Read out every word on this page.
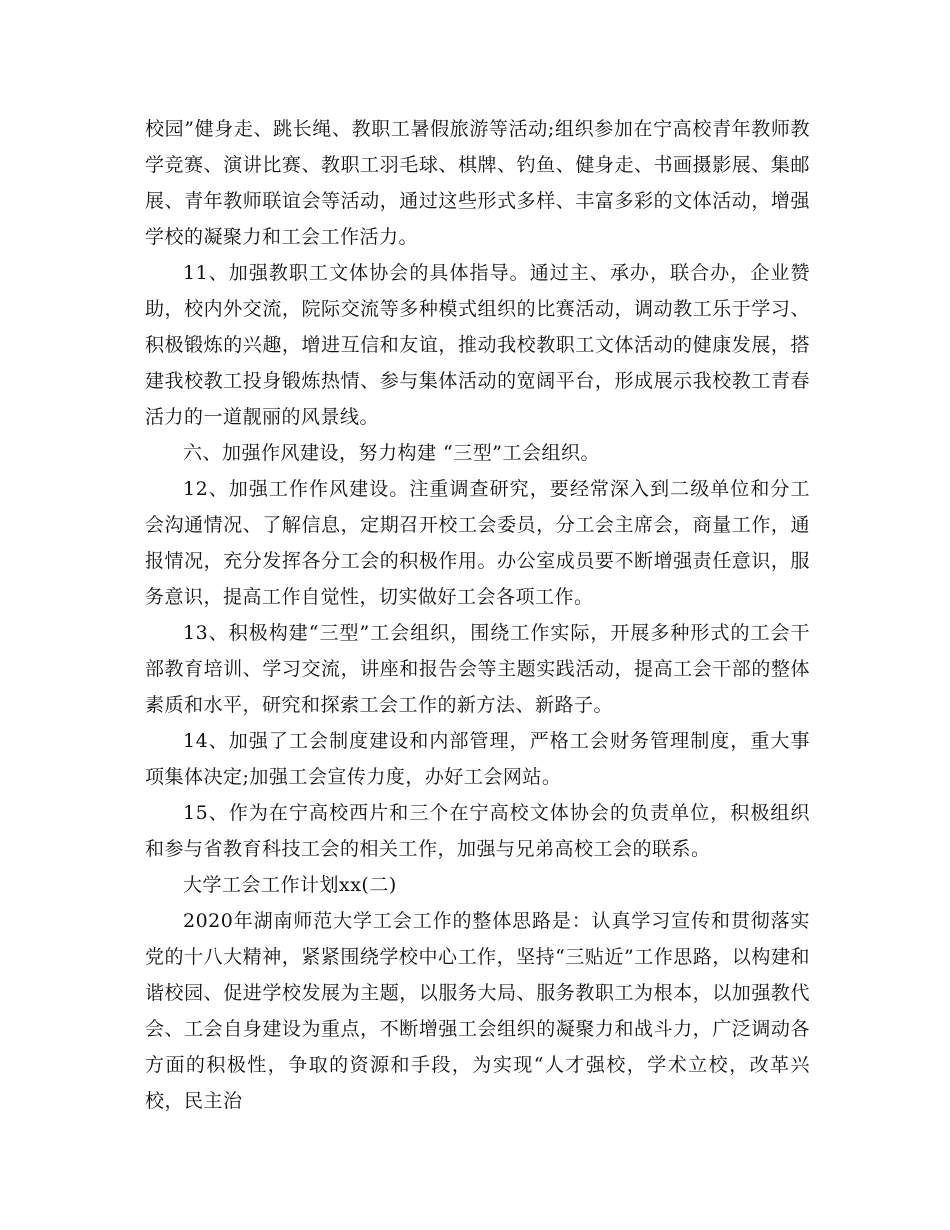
校园”健身走、跳长绳、教职工暑假旅游等活动;组织参加在宁高校青年教师教学竞赛、演讲比赛、教职工羽毛球、棋牌、钓鱼、健身走、书画摄影展、集邮展、青年教师联谊会等活动，通过这些形式多样、丰富多彩的文体活动，增强学校的凝聚力和工会工作活力。

11、加强教职工文体协会的具体指导。通过主、承办，联合办，企业赞助，校内外交流，院际交流等多种模式组织的比赛活动，调动教工乐于学习、积极锻炼的兴趣，增进互信和友谊，推动我校教职工文体活动的健康发展，搭建我校教工投身锻炼热情、参与集体活动的宽阔平台，形成展示我校教工青春活力的一道靓丽的风景线。

六、加强作风建设，努力构建 “三型”工会组织。

12、加强工作作风建设。注重调查研究，要经常深入到二级单位和分工会沟通情况、了解信息，定期召开校工会委员，分工会主席会，商量工作，通报情况，充分发挥各分工会的积极作用。办公室成员要不断增强责任意识，服务意识，提高工作自觉性，切实做好工会各项工作。

13、积极构建“三型”工会组织，围绕工作实际，开展多种形式的工会干部教育培训、学习交流，讲座和报告会等主题实践活动，提高工会干部的整体素质和水平，研究和探索工会工作的新方法、新路子。

14、加强了工会制度建设和内部管理，严格工会财务管理制度，重大事项集体决定;加强工会宣传力度，办好工会网站。

15、作为在宁高校西片和三个在宁高校文体协会的负责单位，积极组织和参与省教育科技工会的相关工作，加强与兄弟高校工会的联系。

大学工会工作计划xx(二)

2020年湖南师范大学工会工作的整体思路是：认真学习宣传和贯彻落实党的十八大精神，紧紧围绕学校中心工作，坚持“三贴近”工作思路，以构建和谐校园、促进学校发展为主题，以服务大局、服务教职工为根本，以加强教代会、工会自身建设为重点，不断增强工会组织的凝聚力和战斗力，广泛调动各方面的积极性，争取的资源和手段，为实现“人才强校，学术立校，改革兴校，民主治
